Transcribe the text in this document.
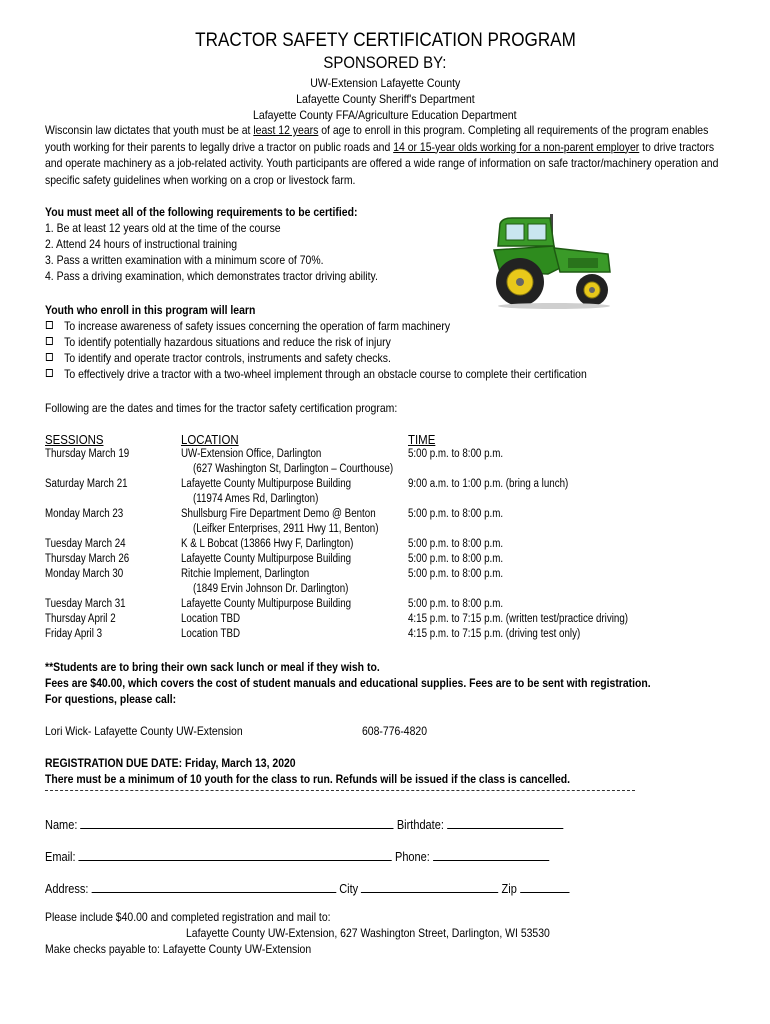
TRACTOR SAFETY CERTIFICATION PROGRAM
SPONSORED BY:
UW-Extension Lafayette County
Lafayette County Sheriff's Department
Lafayette County FFA/Agriculture Education Department
Wisconsin law dictates that youth must be at least 12 years of age to enroll in this program. Completing all requirements of the program enables youth working for their parents to legally drive a tractor on public roads and 14 or 15-year olds working for a non-parent employer to drive tractors and operate machinery as a job-related activity. Youth participants are offered a wide range of information on safe tractor/machinery operation and specific safety guidelines when working on a crop or livestock farm.
You must meet all of the following requirements to be certified:
1. Be at least 12 years old at the time of the course
2. Attend 24 hours of instructional training
3. Pass a written examination with a minimum score of 70%.
4. Pass a driving examination, which demonstrates tractor driving ability.
Youth who enroll in this program will learn
To increase awareness of safety issues concerning the operation of farm machinery
To identify potentially hazardous situations and reduce the risk of injury
To identify and operate tractor controls, instruments and safety checks.
To effectively drive a tractor with a two-wheel implement through an obstacle course to complete their certification
Following are the dates and times for the tractor safety certification program:
SESSIONS	LOCATION	TIME
Thursday March 19	UW-Extension Office, Darlington	5:00 p.m. to 8:00 p.m.
(627 Washington St, Darlington – Courthouse)
Saturday March 21	Lafayette County Multipurpose Building	9:00 a.m. to 1:00 p.m. (bring a lunch)
(11974 Ames Rd, Darlington)
Monday March 23	Shullsburg Fire Department Demo @ Benton	5:00 p.m. to 8:00 p.m.
(Leifker Enterprises, 2911 Hwy 11, Benton)
Tuesday March 24	K & L Bobcat (13866 Hwy F, Darlington)	5:00 p.m. to 8:00 p.m.
Thursday March 26	Lafayette County Multipurpose Building	5:00 p.m. to 8:00 p.m.
Monday March 30	Ritchie Implement, Darlington	5:00 p.m. to 8:00 p.m.
(1849 Ervin Johnson Dr. Darlington)
Tuesday March 31	Lafayette County Multipurpose Building	5:00 p.m. to 8:00 p.m.
Thursday April 2	Location TBD	4:15 p.m. to 7:15 p.m. (written test/practice driving)
Friday April 3	Location TBD	4:15 p.m. to 7:15 p.m. (driving test only)
**Students are to bring their own sack lunch or meal if they wish to.
Fees are $40.00, which covers the cost of student manuals and educational supplies. Fees are to be sent with registration.
For questions, please call:
Lori Wick- Lafayette County UW-Extension	608-776-4820
REGISTRATION DUE DATE: Friday, March 13, 2020
There must be a minimum of 10 youth for the class to run. Refunds will be issued if the class is cancelled.
Name:	Birthdate:
Email:	Phone:
Address:	City	Zip
Please include $40.00 and completed registration and mail to:
Lafayette County UW-Extension, 627 Washington Street, Darlington, WI 53530
Make checks payable to: Lafayette County UW-Extension
